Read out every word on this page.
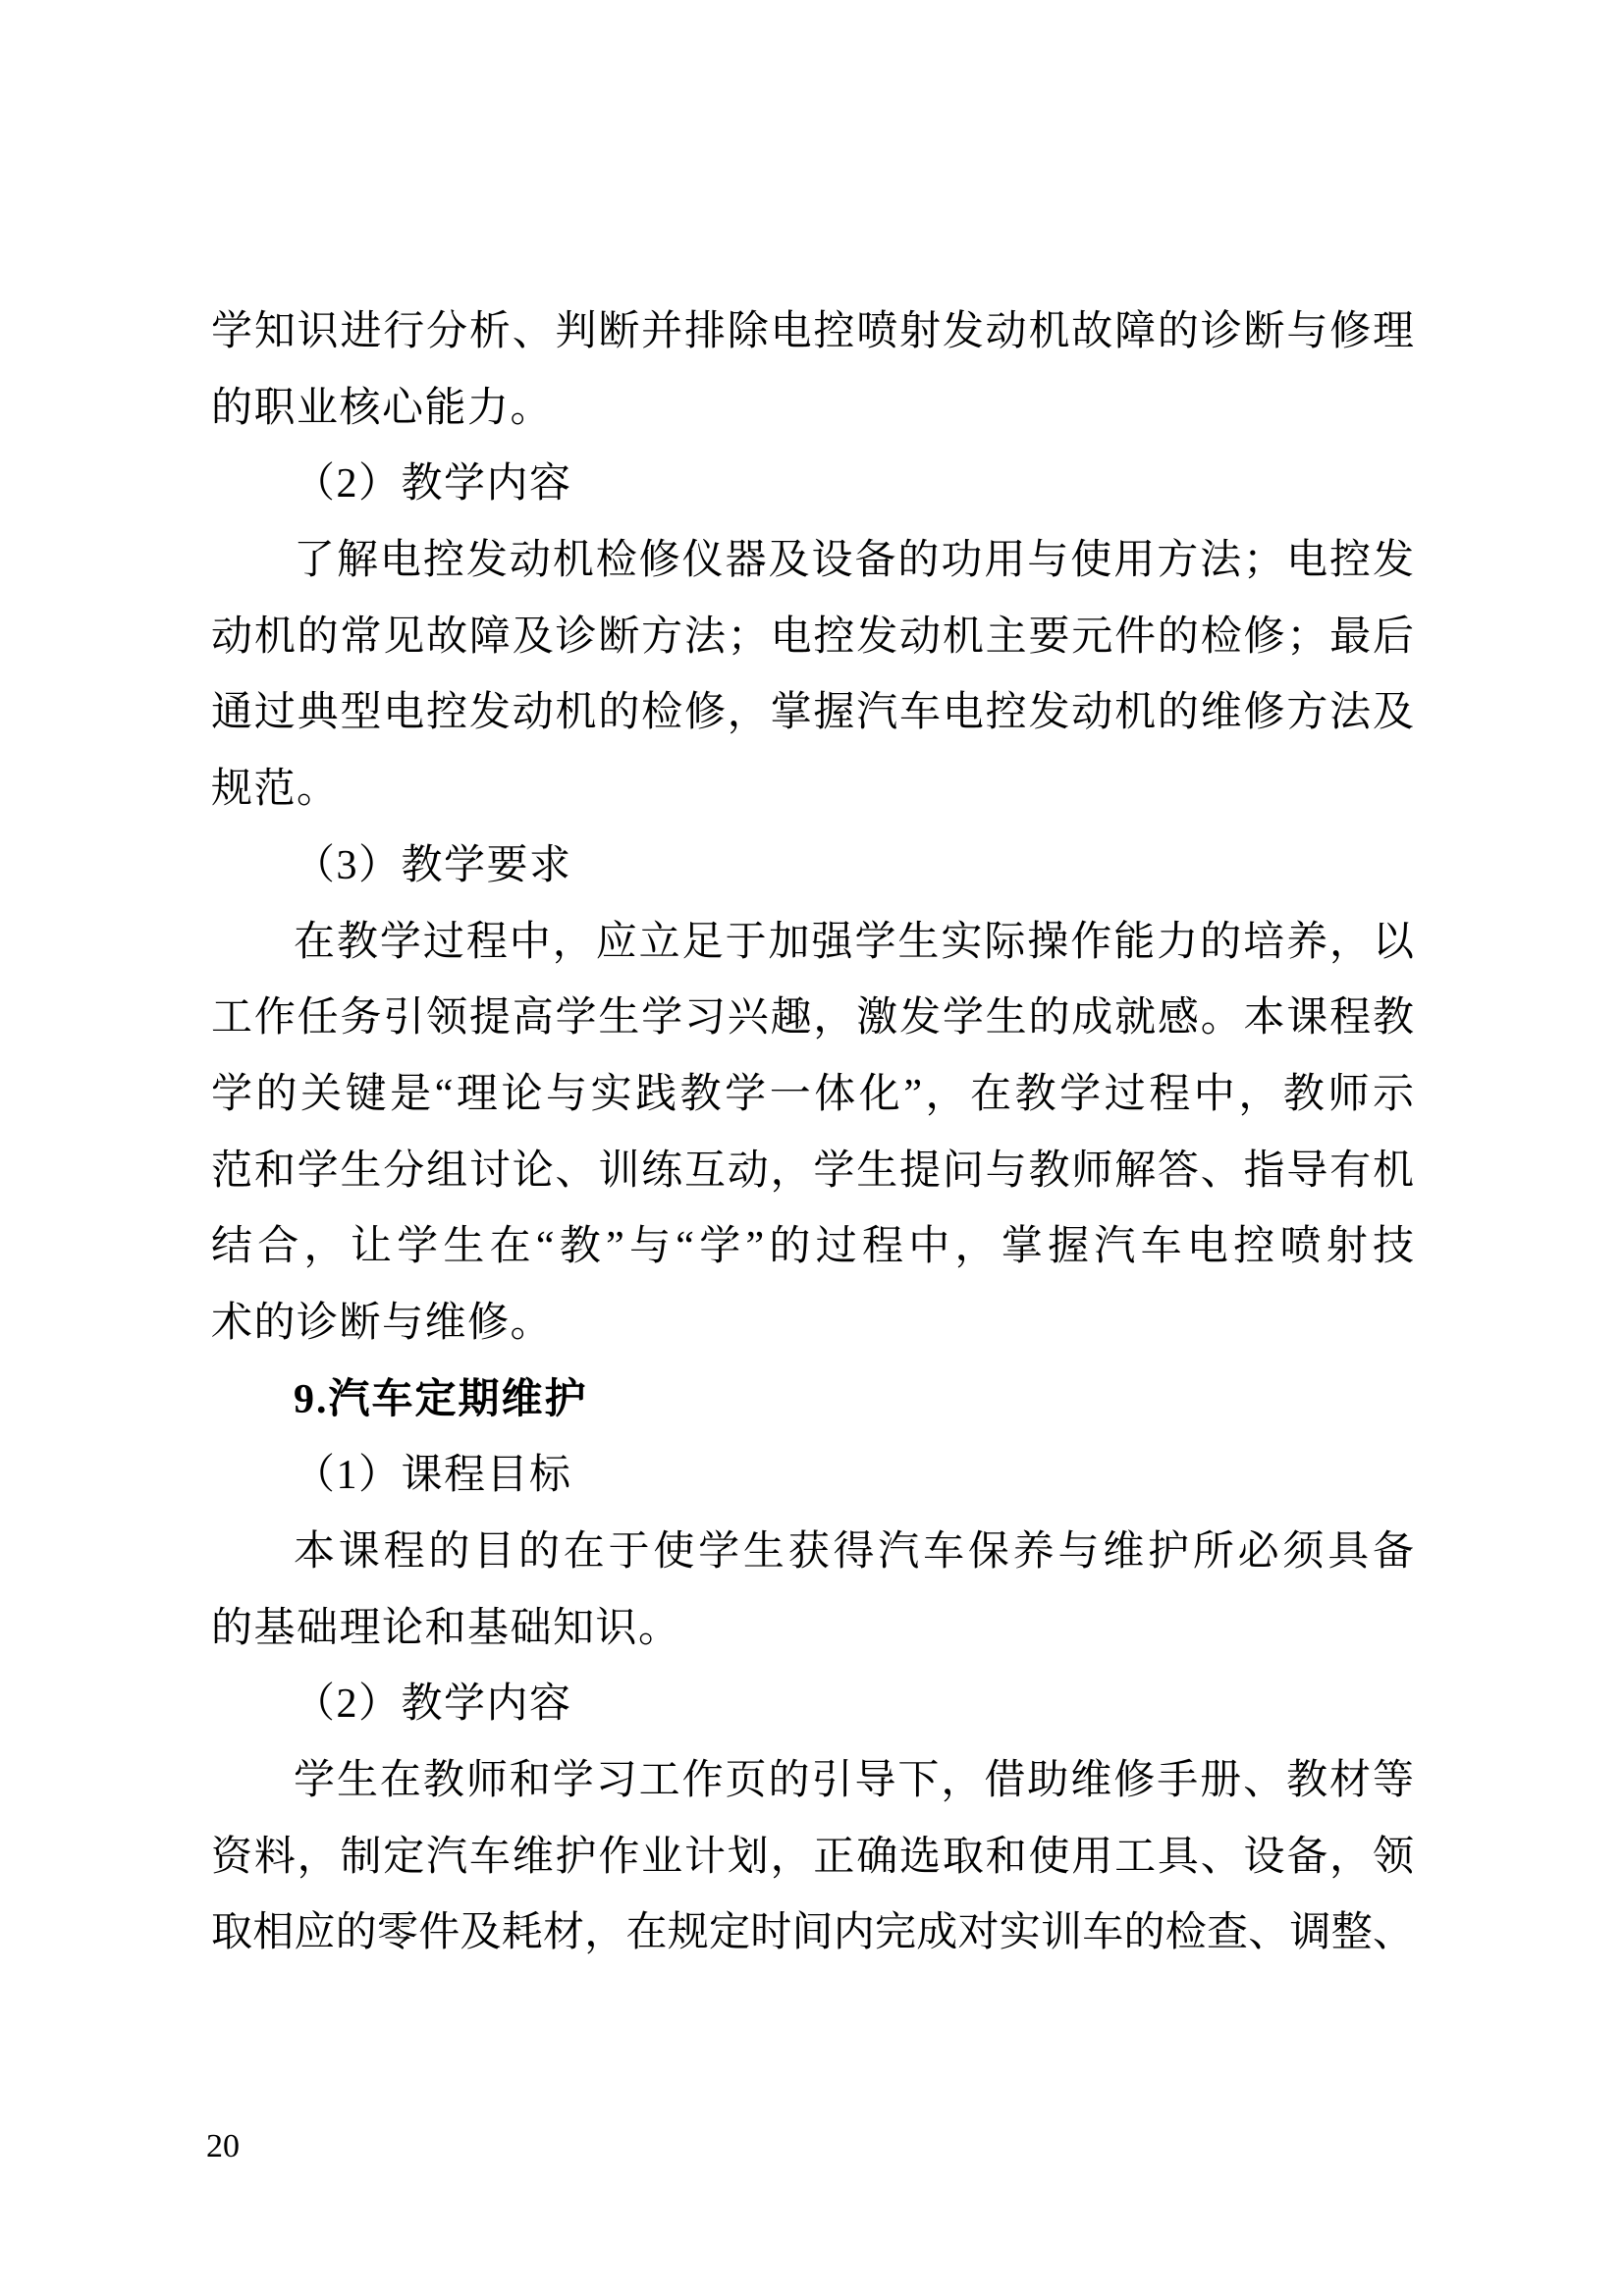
学知识进行分析、判断并排除电控喷射发动机故障的诊断与修理
的职业核心能力。
（2）教学内容
了解电控发动机检修仪器及设备的功用与使用方法；电控发
动机的常见故障及诊断方法；电控发动机主要元件的检修；最后
通过典型电控发动机的检修，掌握汽车电控发动机的维修方法及
规范。
（3）教学要求
在教学过程中，应立足于加强学生实际操作能力的培养，以
工作任务引领提高学生学习兴趣，激发学生的成就感。本课程教
学的关键是“理论与实践教学一体化”，在教学过程中，教师示
范和学生分组讨论、训练互动，学生提问与教师解答、指导有机
结合，让学生在“教”与“学”的过程中，掌握汽车电控喷射技
术的诊断与维修。
9.汽车定期维护
（1）课程目标
本课程的目的在于使学生获得汽车保养与维护所必须具备
的基础理论和基础知识。
（2）教学内容
学生在教师和学习工作页的引导下，借助维修手册、教材等
资料，制定汽车维护作业计划，正确选取和使用工具、设备，领
取相应的零件及耗材，在规定时间内完成对实训车的检查、调整、
20
